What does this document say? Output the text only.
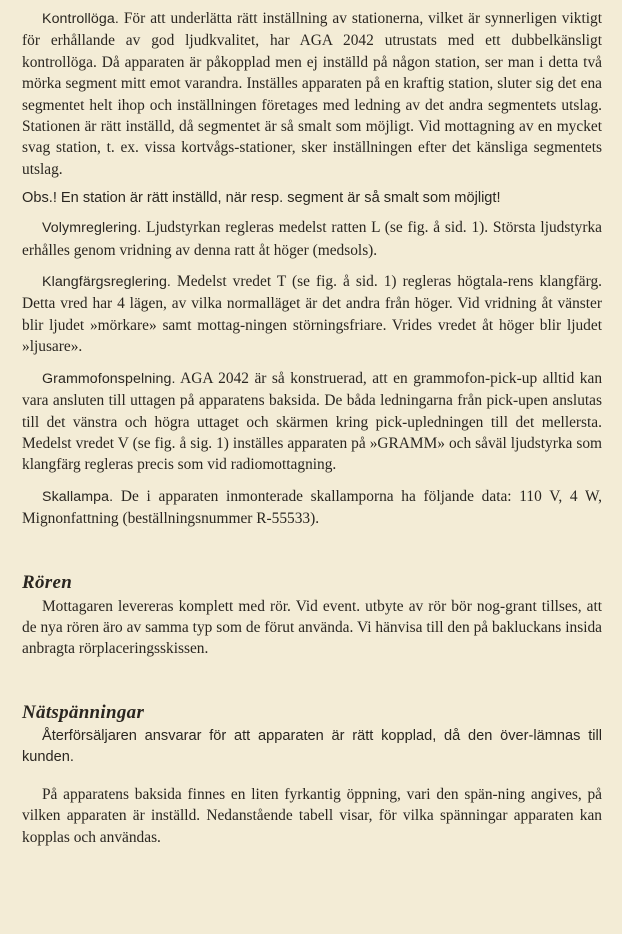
Kontrollöga. För att underlätta rätt inställning av stationerna, vilket är synnerligen viktigt för erhållande av god ljudkvalitet, har AGA 2042 utrustats med ett dubbelkänsligt kontrollöga. Då apparaten är påkopplad men ej inställd på någon station, ser man i detta två mörka segment mitt emot varandra. Inställes apparaten på en kraftig station, sluter sig det ena segmentet helt ihop och inställningen företages med ledning av det andra segmentets utslag. Stationen är rätt inställd, då segmentet är så smalt som möjligt. Vid mottagning av en mycket svag station, t. ex. vissa kortvågs-stationer, sker inställningen efter det känsliga segmentets utslag.

Obs.! En station är rätt inställd, när resp. segment är så smalt som möjligt!

Volymreglering. Ljudstyrkan regleras medelst ratten L (se fig. å sid. 1). Största ljudstyrka erhålles genom vridning av denna ratt åt höger (medsols).

Klangfärgsreglering. Medelst vredet T (se fig. å sid. 1) regleras högtala-rens klangfärg. Detta vred har 4 lägen, av vilka normalläget är det andra från höger. Vid vridning åt vänster blir ljudet »mörkare» samt mottag-ningen störningsfriare. Vrides vredet åt höger blir ljudet »ljusare».

Grammofonspelning. AGA 2042 är så konstruerad, att en grammofon-pick-up alltid kan vara ansluten till uttagen på apparatens baksida. De båda ledningarna från pick-upen anslutas till det vänstra och högra uttaget och skärmen kring pick-upledningen till det mellersta. Medelst vredet V (se fig. å sig. 1) inställes apparaten på »GRAMM» och såväl ljudstyrka som klangfärg regleras precis som vid radiomottagning.

Skallampa. De i apparaten inmonterade skallamporna ha följande data: 110 V, 4 W, Mignonfattning (beställningsnummer R-55533).

Rören

Mottagaren levereras komplett med rör. Vid event. utbyte av rör bör nog-grant tillses, att de nya rören äro av samma typ som de förut använda. Vi hänvisa till den på bakluckans insida anbragta rörplaceringsskissen.

Nätspänningar

Återförsäljaren ansvarar för att apparaten är rätt kopplad, då den över-lämnas till kunden.

På apparatens baksida finnes en liten fyrkantig öppning, vari den spän-ning angives, på vilken apparaten är inställd. Nedanstående tabell visar, för vilka spänningar apparaten kan kopplas och användas.
